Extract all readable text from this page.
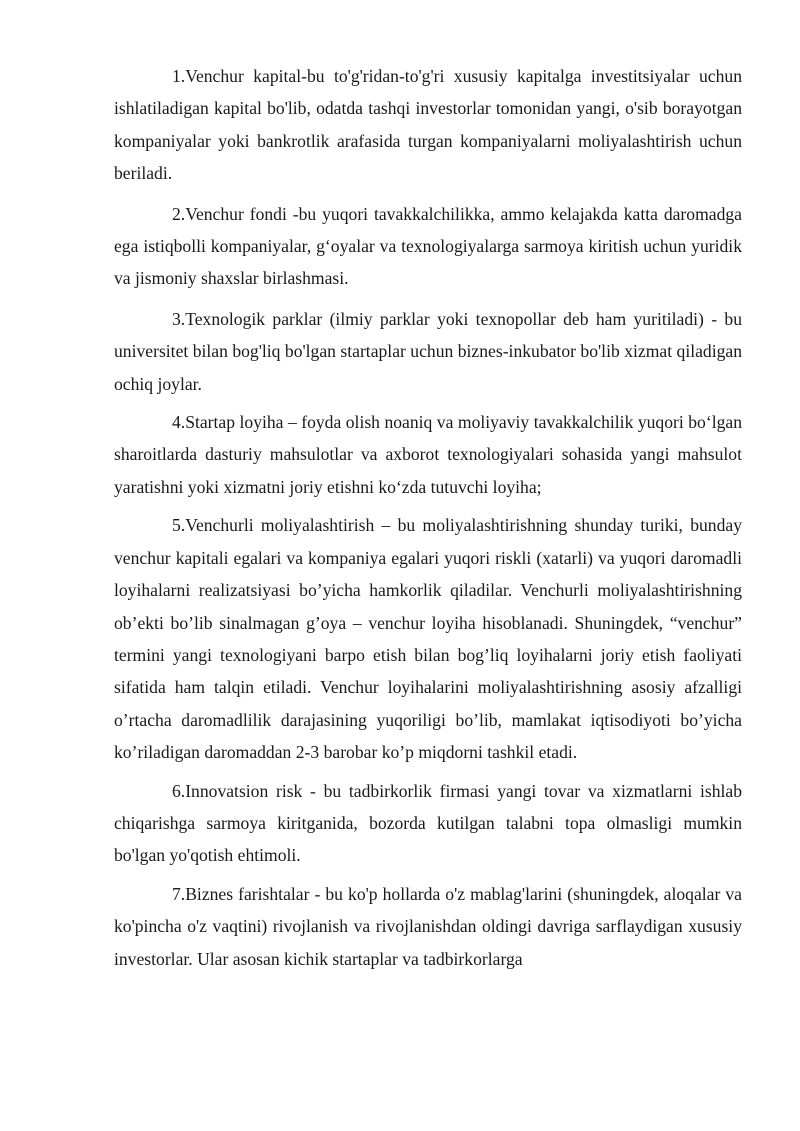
1.Venchur kapital-bu to'g'ridan-to'g'ri xususiy kapitalga investitsiyalar uchun ishlatiladigan kapital bo'lib, odatda tashqi investorlar tomonidan yangi, o'sib borayotgan kompaniyalar yoki bankrotlik arafasida turgan kompaniyalarni moliyalashtirish uchun beriladi.

2.Venchur fondi -bu yuqori tavakkalchilikka, ammo kelajakda katta daromadga ega istiqbolli kompaniyalar, g‘oyalar va texnologiyalarga sarmoya kiritish uchun yuridik va jismoniy shaxslar birlashmasi.

3.Texnologik parklar (ilmiy parklar yoki texnopollar deb ham yuritiladi) - bu universitet bilan bog'liq bo'lgan startaplar uchun biznes-inkubator bo'lib xizmat qiladigan ochiq joylar.

4.Startap loyiha – foyda olish noaniq va moliyaviy tavakkalchilik yuqori bo‘lgan sharoitlarda dasturiy mahsulotlar va axborot texnologiyalari sohasida yangi mahsulot yaratishni yoki xizmatni joriy etishni ko‘zda tutuvchi loyiha;

5.Venchurli moliyalashtirish – bu moliyalashtirishning shunday turiki, bunday venchur kapitali egalari va kompaniya egalari yuqori riskli (xatarli) va yuqori daromadli loyihalarni realizatsiyasi bo’yicha hamkorlik qiladilar. Venchurli moliyalashtirishning ob’ekti bo’lib sinalmagan g’oya – venchur loyiha hisoblanadi. Shuningdek, “venchur” termini yangi texnologiyani barpo etish bilan bog’liq loyihalarni joriy etish faoliyati sifatida ham talqin etiladi. Venchur loyihalarini moliyalashtirishning asosiy afzalligi o’rtacha daromadlilik darajasining yuqoriligi bo’lib, mamlakat iqtisodiyoti bo’yicha ko’riladigan daromaddan 2-3 barobar ko’p miqdorni tashkil etadi.

6.Innovatsion risk - bu tadbirkorlik firmasi yangi tovar va xizmatlarni ishlab chiqarishga sarmoya kiritganida, bozorda kutilgan talabni topa olmasligi mumkin bo'lgan yo'qotish ehtimoli.

7.Biznes farishtalar - bu ko'p hollarda o'z mablag'larini (shuningdek, aloqalar va ko'pincha o'z vaqtini) rivojlanish va rivojlanishdan oldingi davriga sarflaydigan xususiy investorlar. Ular asosan kichik startaplar va tadbirkorlarga
